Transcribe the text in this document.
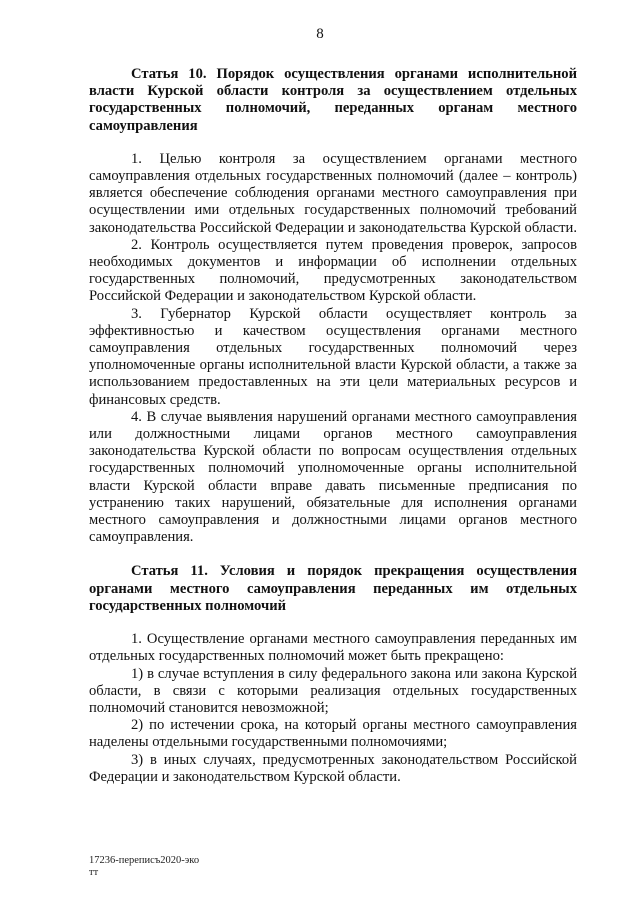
8

Статья 10. Порядок осуществления органами исполнительной власти Курской области контроля за осуществлением отдельных государственных полномочий, переданных органам местного самоуправления

1. Целью контроля за осуществлением органами местного самоуправления отдельных государственных полномочий (далее – контроль) является обеспечение соблюдения органами местного самоуправления при осуществлении ими отдельных государственных полномочий требований законодательства Российской Федерации и законодательства Курской области.

2. Контроль осуществляется путем проведения проверок, запросов необходимых документов и информации об исполнении отдельных государственных полномочий, предусмотренных законодательством Российской Федерации и законодательством Курской области.

3. Губернатор Курской области осуществляет контроль за эффективностью и качеством осуществления органами местного самоуправления отдельных государственных полномочий через уполномоченные органы исполнительной власти Курской области, а также за использованием предоставленных на эти цели материальных ресурсов и финансовых средств.

4. В случае выявления нарушений органами местного самоуправления или должностными лицами органов местного самоуправления законодательства Курской области по вопросам осуществления отдельных государственных полномочий уполномоченные органы исполнительной власти Курской области вправе давать письменные предписания по устранению таких нарушений, обязательные для исполнения органами местного самоуправления и должностными лицами органов местного самоуправления.

Статья 11. Условия и порядок прекращения осуществления органами местного самоуправления переданных им отдельных государственных полномочий

1. Осуществление органами местного самоуправления переданных им отдельных государственных полномочий может быть прекращено:

1) в случае вступления в силу федерального закона или закона Курской области, в связи с которыми реализация отдельных государственных полномочий становится невозможной;

2) по истечении срока, на который органы местного самоуправления наделены отдельными государственными полномочиями;

3) в иных случаях, предусмотренных законодательством Российской Федерации и законодательством Курской области.

17236-переписъ2020-эко
тт
